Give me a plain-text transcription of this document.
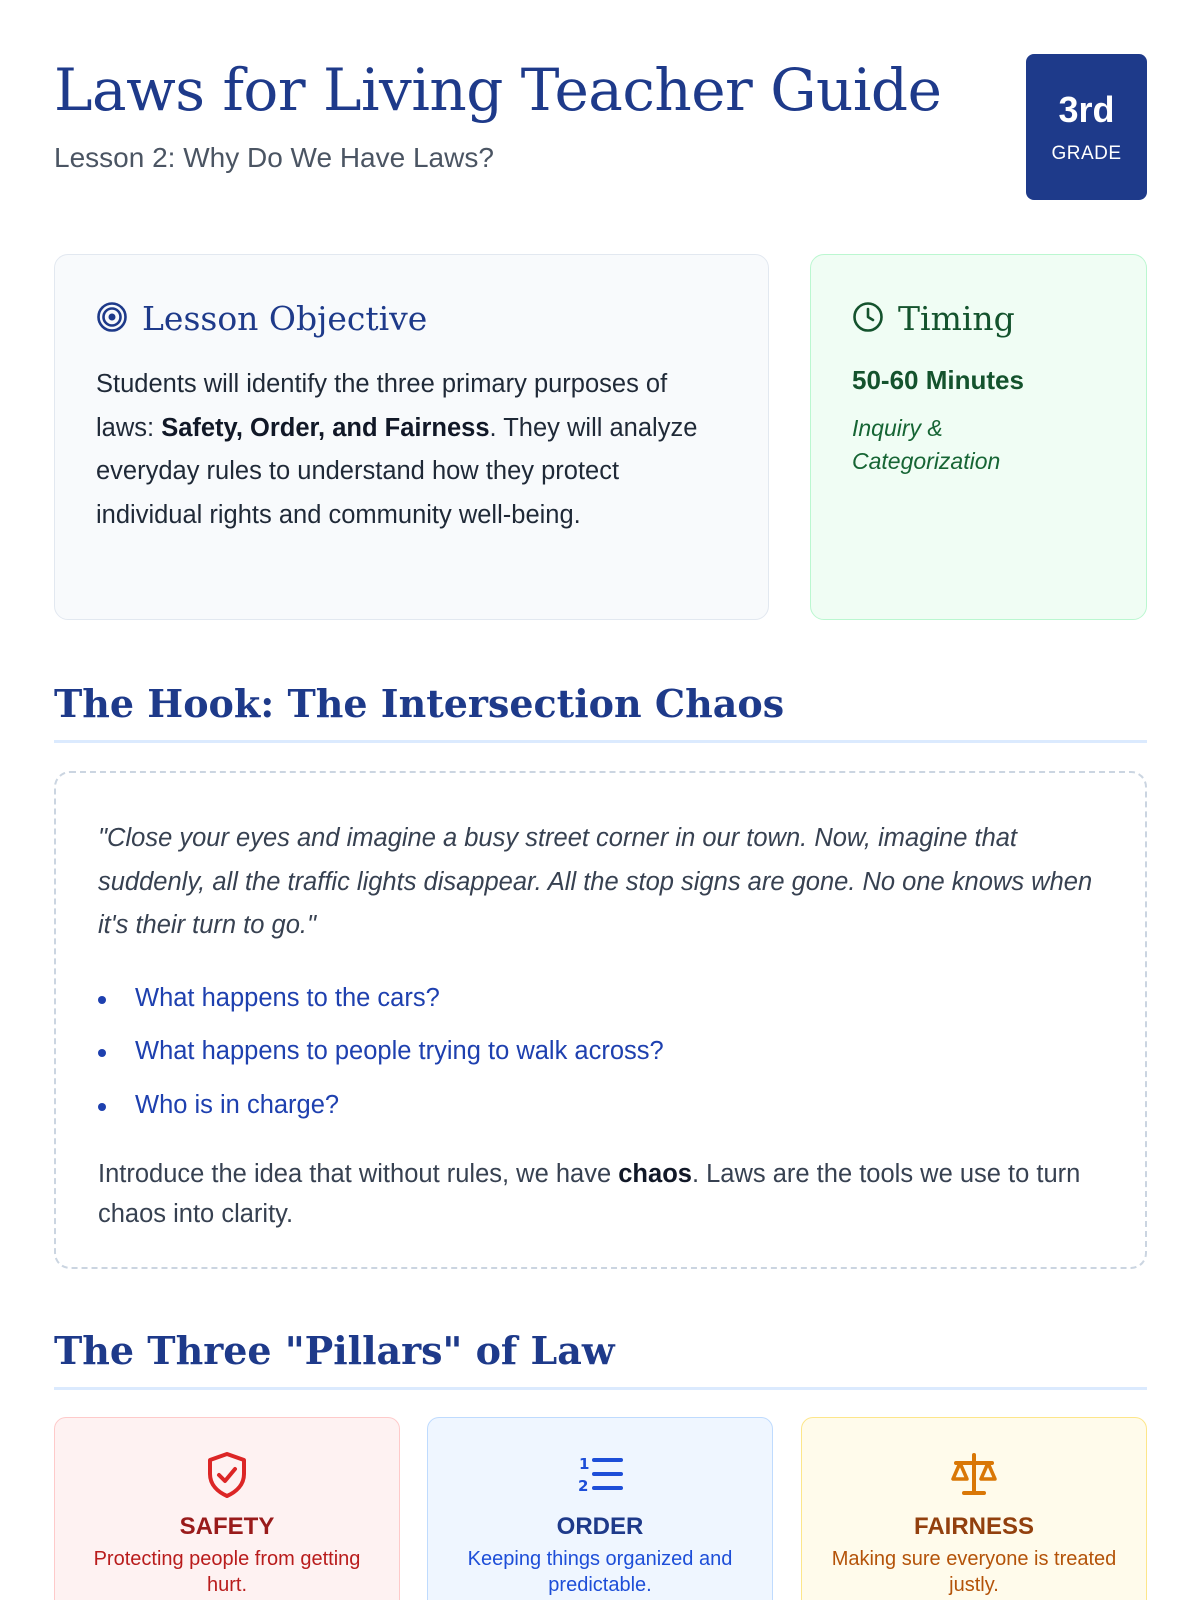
Laws for Living Teacher Guide
Lesson 2: Why Do We Have Laws?
3rd
GRADE
Lesson Objective

Students will identify the three primary purposes of laws: Safety, Order, and Fairness. They will analyze everyday rules to understand how they protect individual rights and community well-being.

Timing
50-60 Minutes
Inquiry & Categorization
The Hook: The Intersection Chaos

"Close your eyes and imagine a busy street corner in our town. Now, imagine that suddenly, all the traffic lights disappear. All the stop signs are gone. No one knows when it's their turn to go."

What happens to the cars?
What happens to people trying to walk across?
Who is in charge?

Introduce the idea that without rules, we have chaos. Laws are the tools we use to turn chaos into clarity.

The Three "Pillars" of Law
SAFETY
Protecting people from getting hurt.
1
2
ORDER
Keeping things organized and predictable.
FAIRNESS
Making sure everyone is treated justly.
